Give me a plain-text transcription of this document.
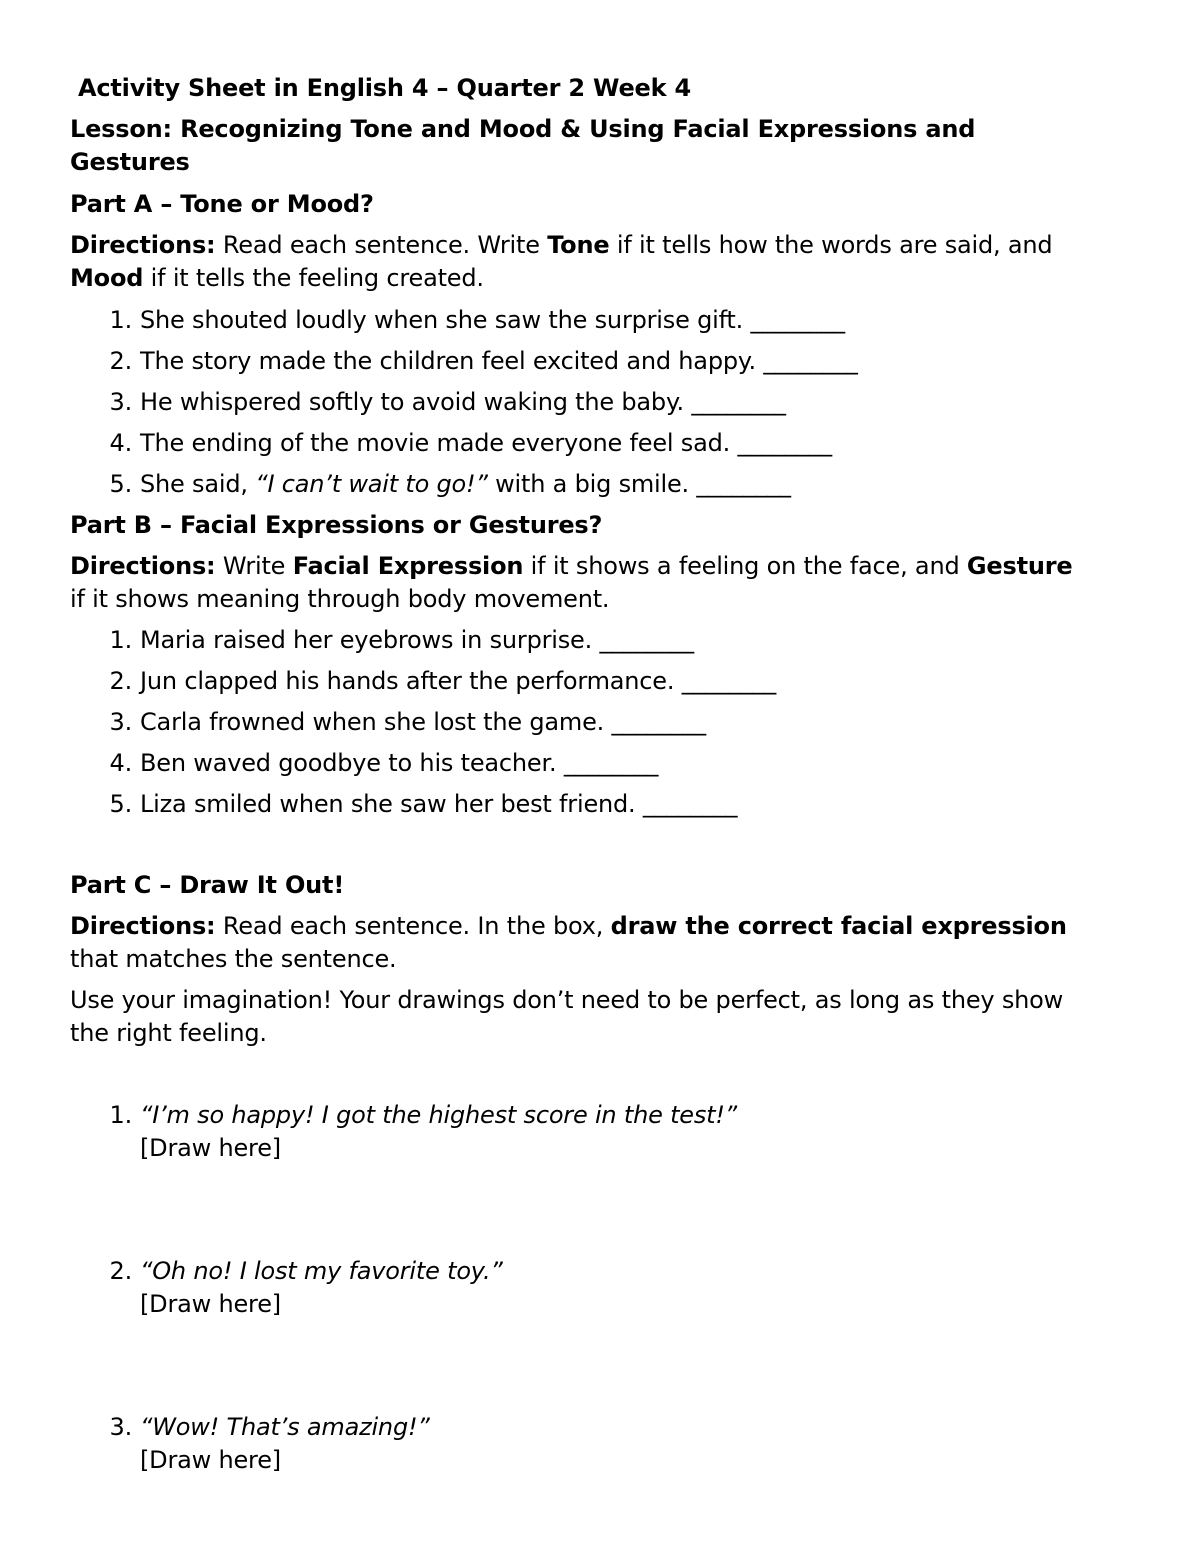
Activity Sheet in English 4 – Quarter 2 Week 4
Lesson: Recognizing Tone and Mood & Using Facial Expressions and
Gestures
Part A – Tone or Mood?
Directions: Read each sentence. Write Tone if it tells how the words are said, and
Mood if it tells the feeling created.
1. She shouted loudly when she saw the surprise gift. ________
2. The story made the children feel excited and happy. ________
3. He whispered softly to avoid waking the baby. ________
4. The ending of the movie made everyone feel sad. ________
5. She said, “I can’t wait to go!” with a big smile. ________
Part B – Facial Expressions or Gestures?
Directions: Write Facial Expression if it shows a feeling on the face, and Gesture
if it shows meaning through body movement.
1. Maria raised her eyebrows in surprise. ________
2. Jun clapped his hands after the performance. ________
3. Carla frowned when she lost the game. ________
4. Ben waved goodbye to his teacher. ________
5. Liza smiled when she saw her best friend. ________
Part C – Draw It Out!
Directions: Read each sentence. In the box, draw the correct facial expression
that matches the sentence.
Use your imagination! Your drawings don’t need to be perfect, as long as they show
the right feeling.
1. “I’m so happy! I got the highest score in the test!”
[Draw here]
2. “Oh no! I lost my favorite toy.”
[Draw here]
3. “Wow! That’s amazing!”
[Draw here]
